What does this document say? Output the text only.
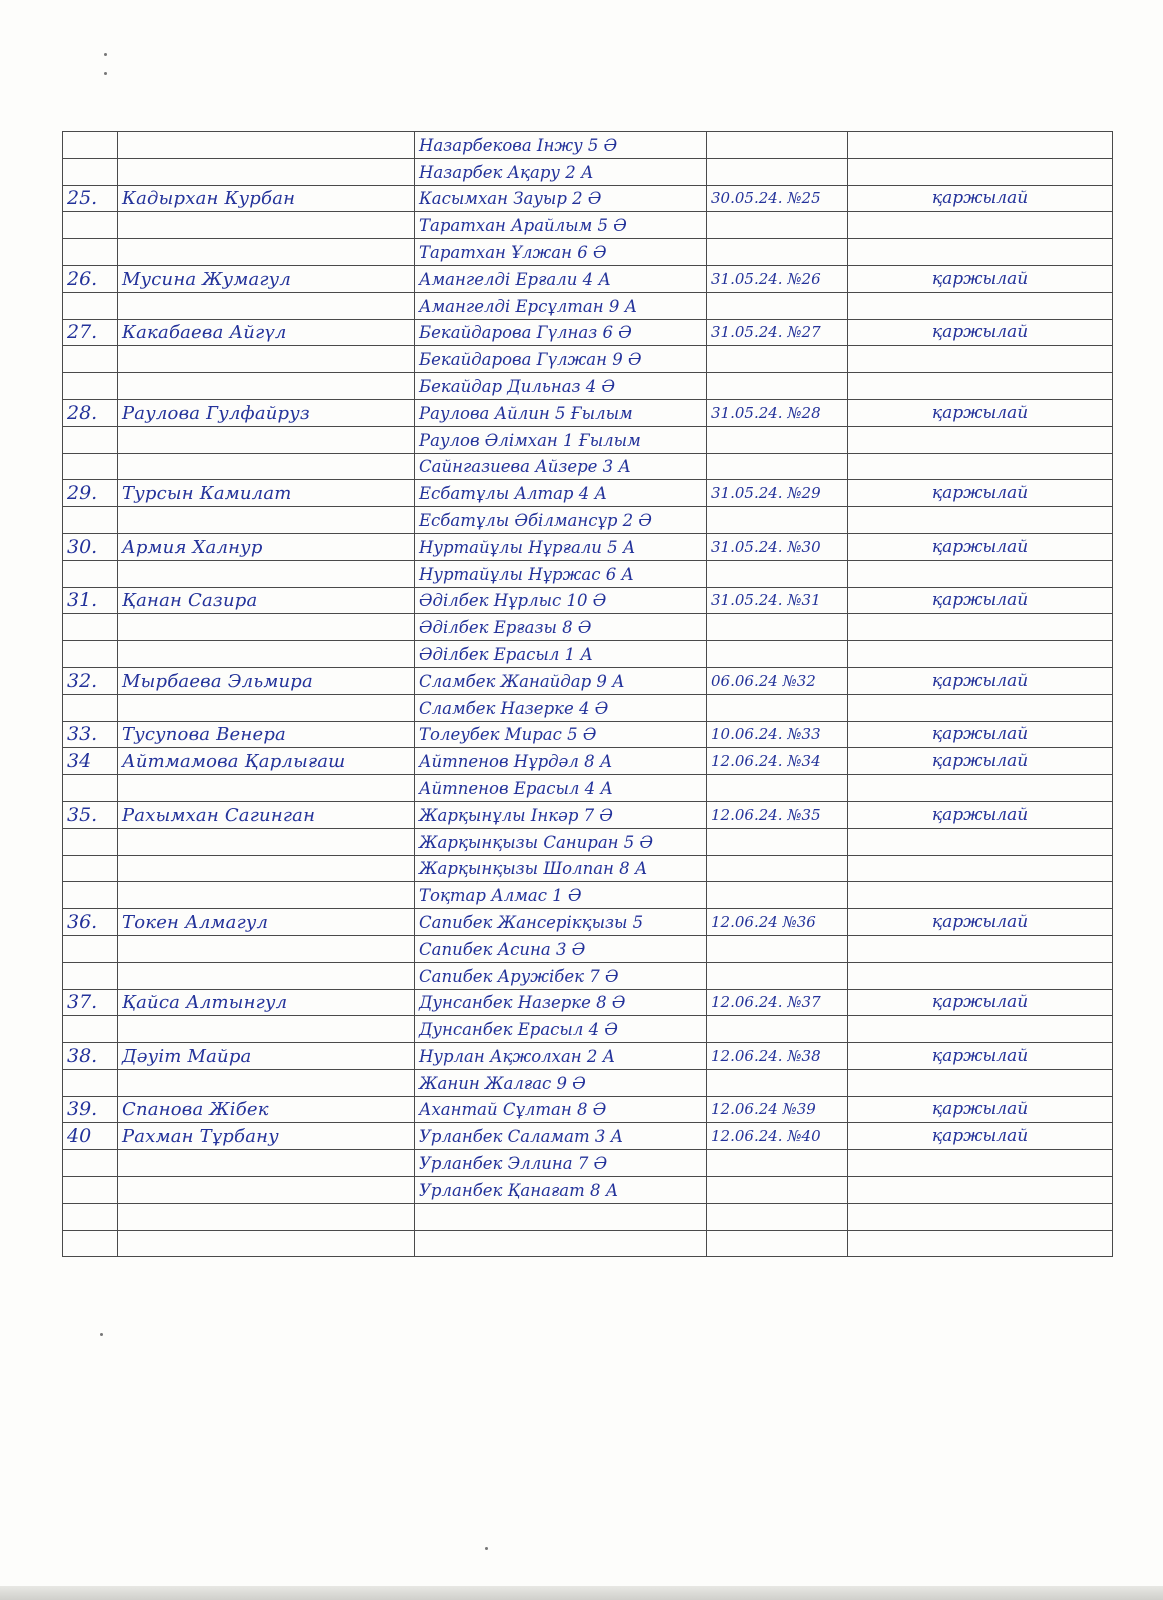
		Назарбекова Інжу 5 Ә		
		Назарбек Ақару 2 А		
25.	Кадырхан Курбан	Касымхан Зауыр 2 Ә	30.05.24. №25	қаржылай
		Таратхан Арайлым 5 Ә		
		Таратхан Ұлжан 6 Ә		
26.	Мусина Жумагул	Амангелді Ерғали 4 А	31.05.24. №26	қаржылай
		Амангелді Ерсұлтан 9 А		
27.	Какабаева Айгүл	Бекайдарова Гүлназ 6 Ә	31.05.24. №27	қаржылай
		Бекайдарова Гүлжан 9 Ә		
		Бекайдар Дильназ 4 Ә		
28.	Раулова Гулфайруз	Раулова Айлин 5 Ғылым	31.05.24. №28	қаржылай
		Раулов Әлімхан 1 Ғылым		
		Сайнгазиева Айзере 3 А		
29.	Турсын Камилат	Есбатұлы Алтар 4 А	31.05.24. №29	қаржылай
		Есбатұлы Әбілмансұр 2 Ә		
30.	Армия Халнур	Нуртайұлы Нұрғали 5 А	31.05.24. №30	қаржылай
		Нуртайұлы Нұржас 6 А		
31.	Қанан Сазира	Әділбек Нұрлыс 10 Ә	31.05.24. №31	қаржылай
		Әділбек Ерғазы 8 Ә		
		Әділбек Ерасыл 1 А		
32.	Мырбаева Эльмира	Сламбек Жанайдар 9 А	06.06.24 №32	қаржылай
		Сламбек Назерке 4 Ә		
33.	Тусупова Венера	Толеубек Мирас 5 Ә	10.06.24. №33	қаржылай
34	Айтмамова Қарлығаш	Айтпенов Нұрдәл 8 А	12.06.24. №34	қаржылай
		Айтпенов Ерасыл 4 А		
35.	Рахымхан Сагинган	Жарқынұлы Інкәр 7 Ә	12.06.24. №35	қаржылай
		Жарқынқызы Саниран 5 Ә		
		Жарқынқызы Шолпан 8 А		
		Тоқтар Алмас 1 Ә		
36.	Токен Алмагул	Сапибек Жансерікқызы 5	12.06.24 №36	қаржылай
		Сапибек Асина 3 Ә		
		Сапибек Аружібек 7 Ә		
37.	Қайса Алтынгул	Дунсанбек Назерке 8 Ә	12.06.24. №37	қаржылай
		Дунсанбек Ерасыл 4 Ә		
38.	Дәуіт Майра	Нурлан Ақжолхан 2 А	12.06.24. №38	қаржылай
		Жанин Жалғас 9 Ә		
39.	Спанова Жібек	Ахантай Сұлтан 8 Ә	12.06.24 №39	қаржылай
40	Рахман Тұрбану	Урланбек Саламат 3 А	12.06.24. №40	қаржылай
		Урланбек Эллина 7 Ә		
		Урланбек Қанағат 8 А		
